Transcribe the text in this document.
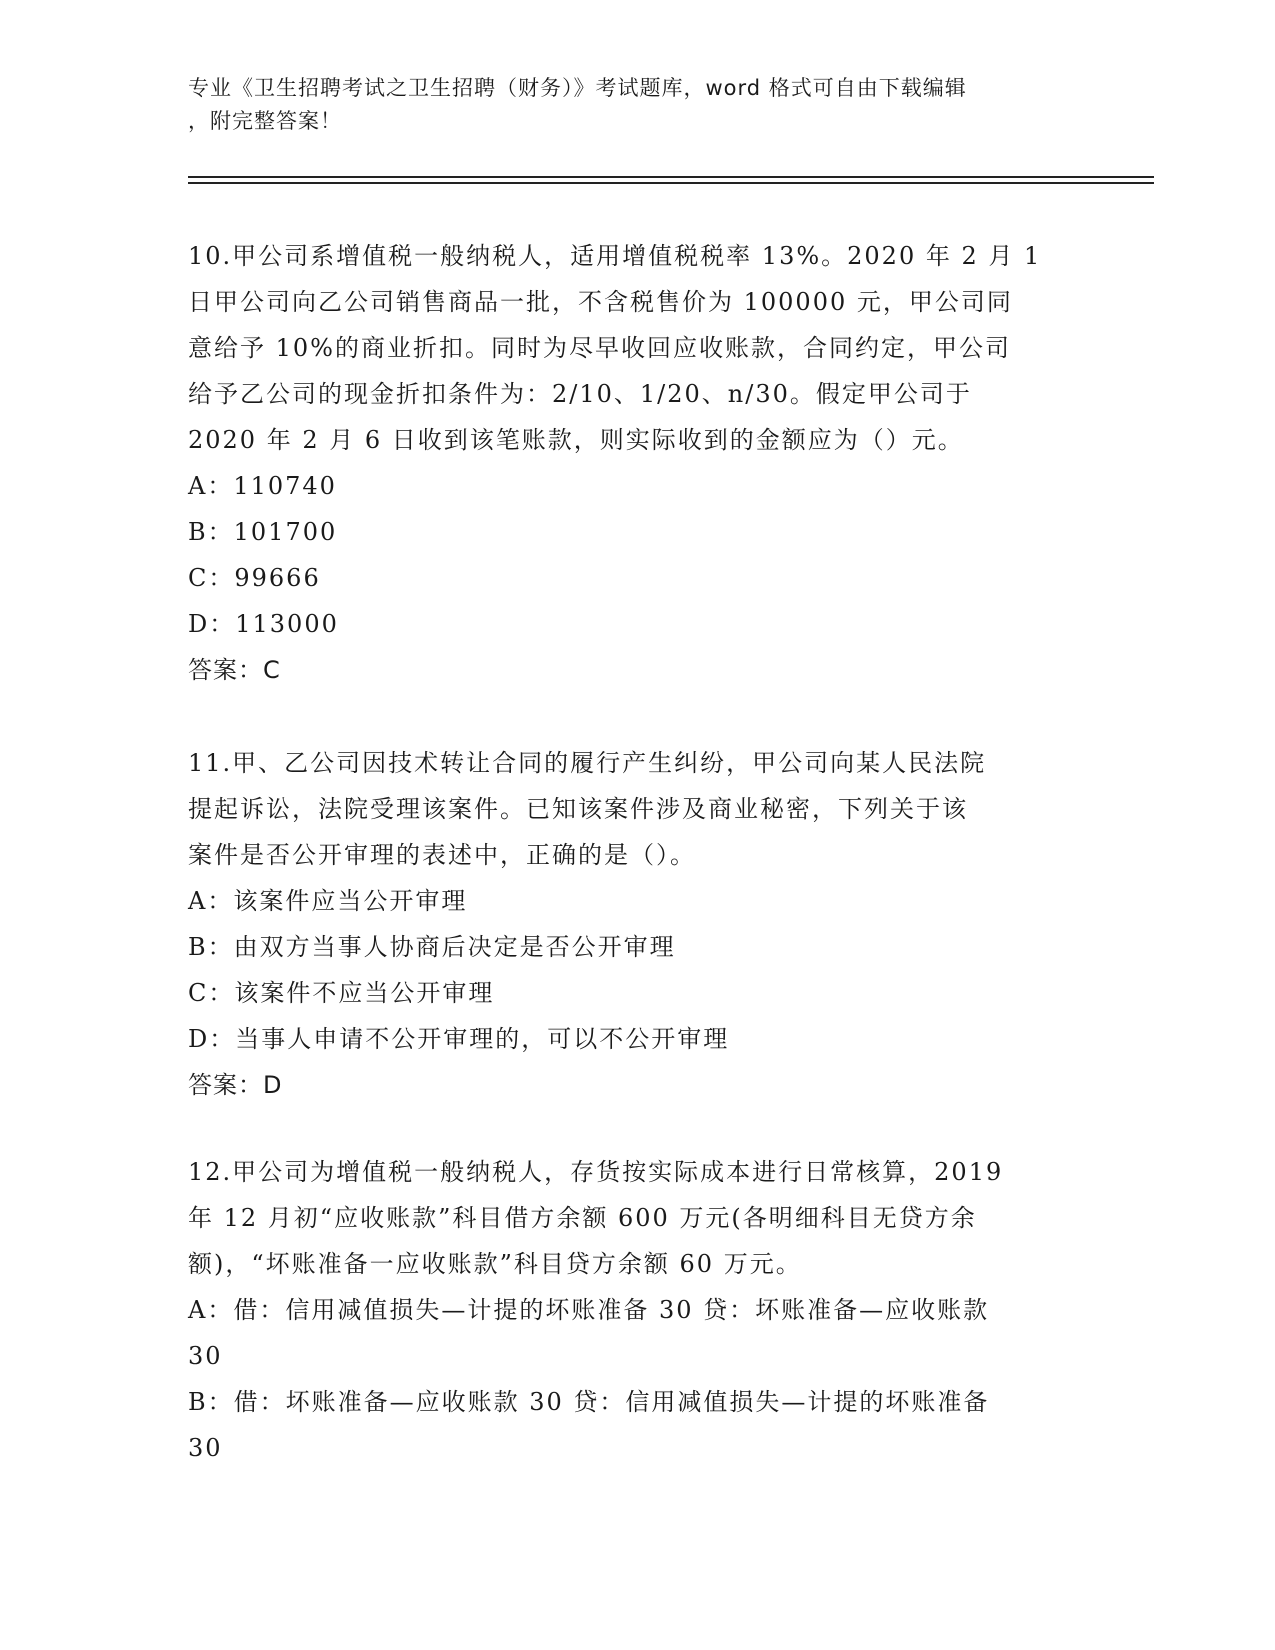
专业《卫生招聘考试之卫生招聘（财务）》考试题库，word 格式可自由下载编辑
，附完整答案！
10.甲公司系增值税一般纳税人，适用增值税税率 13%。2020 年 2 月 1
日甲公司向乙公司销售商品一批，不含税售价为 100000 元，甲公司同
意给予 10%的商业折扣。同时为尽早收回应收账款，合同约定，甲公司
给予乙公司的现金折扣条件为：2/10、1/20、n/30。假定甲公司于
2020 年 2 月 6 日收到该笔账款，则实际收到的金额应为（）元。
A：110740
B：101700
C：99666
D：113000
答案：C
11.甲、乙公司因技术转让合同的履行产生纠纷，甲公司向某人民法院
提起诉讼，法院受理该案件。已知该案件涉及商业秘密，下列关于该
案件是否公开审理的表述中，正确的是（）。
A：该案件应当公开审理
B：由双方当事人协商后决定是否公开审理
C：该案件不应当公开审理
D：当事人申请不公开审理的，可以不公开审理
答案：D
12.甲公司为增值税一般纳税人，存货按实际成本进行日常核算，2019
年 12 月初“应收账款”科目借方余额 600 万元(各明细科目无贷方余
额)，“坏账准备一应收账款”科目贷方余额 60 万元。
A：借：信用减值损失—计提的坏账准备 30 贷：坏账准备—应收账款
30
B：借：坏账准备—应收账款 30 贷：信用减值损失—计提的坏账准备
30
